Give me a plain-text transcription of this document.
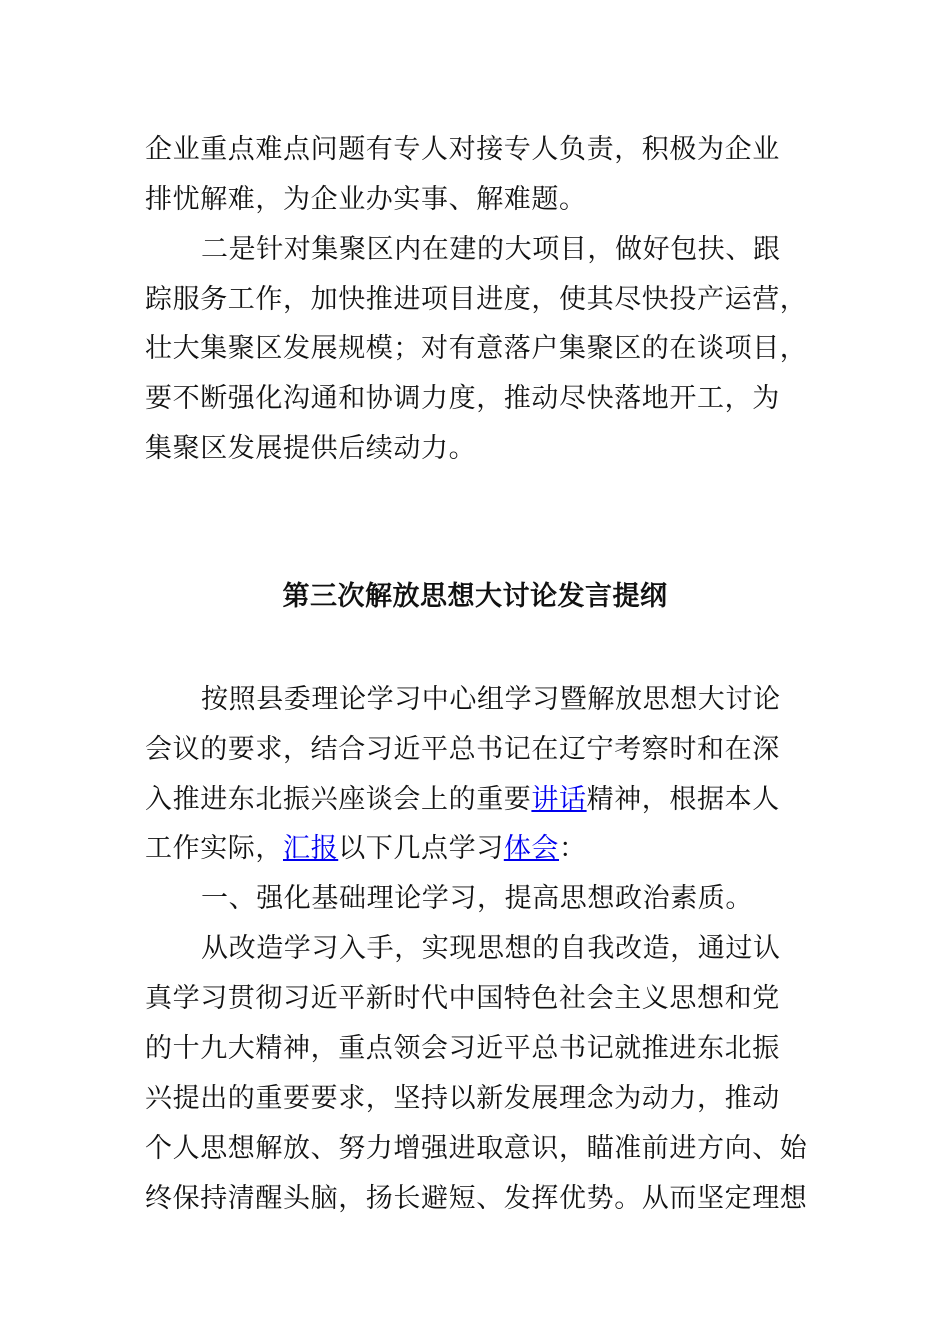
企业重点难点问题有专人对接专人负责，积极为企业
排忧解难，为企业办实事、解难题。
二是针对集聚区内在建的大项目，做好包扶、跟
踪服务工作，加快推进项目进度，使其尽快投产运营，
壮大集聚区发展规模；对有意落户集聚区的在谈项目，
要不断强化沟通和协调力度，推动尽快落地开工，为
集聚区发展提供后续动力。
第三次解放思想大讨论发言提纲
按照县委理论学习中心组学习暨解放思想大讨论
会议的要求，结合习近平总书记在辽宁考察时和在深
入推进东北振兴座谈会上的重要讲话精神，根据本人
工作实际，汇报以下几点学习体会：
一、强化基础理论学习，提高思想政治素质。
从改造学习入手，实现思想的自我改造，通过认
真学习贯彻习近平新时代中国特色社会主义思想和党
的十九大精神，重点领会习近平总书记就推进东北振
兴提出的重要要求，坚持以新发展理念为动力，推动
个人思想解放、努力增强进取意识，瞄准前进方向、始
终保持清醒头脑，扬长避短、发挥优势。从而坚定理想
